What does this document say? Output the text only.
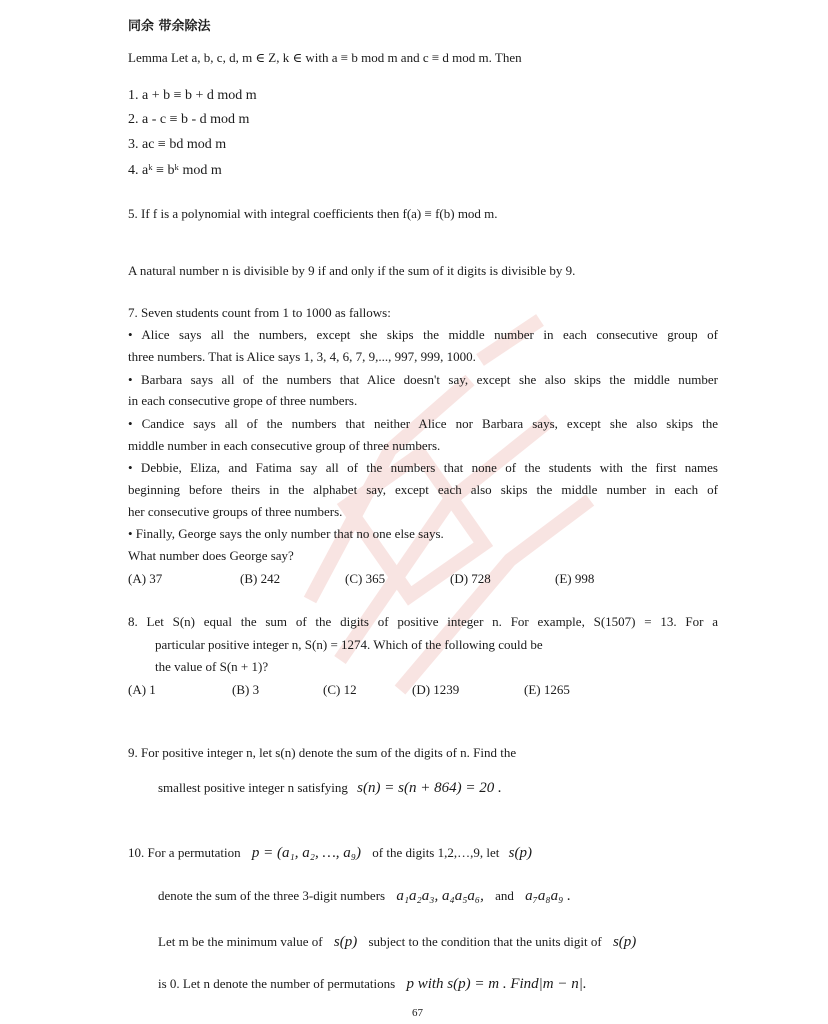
同余 带余除法
Lemma Let a, b, c, d, m ∈ Z, k ∈ with a ≡ b mod m and c ≡ d mod m. Then
1. a + b ≡ b + d mod m
2. a - c ≡ b - d mod m
3. ac ≡ bd mod m
4. aᵏ ≡ bᵏ mod m
5. If f is a polynomial with integral coefficients then f(a) ≡ f(b) mod m.
A natural number n is divisible by 9 if and only if the sum of it digits is divisible by 9.
7. Seven students count from 1 to 1000 as fallows:
• Alice says all the numbers, except she skips the middle number in each consecutive group of
three numbers. That is Alice says 1, 3, 4, 6, 7, 9,..., 997, 999, 1000.
• Barbara says all of the numbers that Alice doesn't say, except she also skips the middle number
in each consecutive grope of three numbers.
• Candice says all of the numbers that neither Alice nor Barbara says, except she also skips the
middle number in each consecutive group of three numbers.
• Debbie, Eliza, and Fatima say all of the numbers that none of the students with the first names
beginning before theirs in the alphabet say, except each also skips the middle number in each of
her consecutive groups of three numbers.
• Finally, George says the only number that no one else says.
What number does George say?
(A) 37	(B) 242	(C) 365	(D) 728	(E) 998
8. Let S(n) equal the sum of the digits of positive integer n. For example, S(1507) = 13. For a
particular positive integer n, S(n) = 1274. Which of the following could be
the value of S(n + 1)?
(A) 1	(B) 3	(C) 12	(D) 1239	(E) 1265
9. For positive integer n, let s(n) denote the sum of the digits of n. Find the
smallest positive integer n satisfying s(n) = s(n + 864) = 20 .
10. For a permutation p = (a₁, a₂, …, a₉) of the digits 1,2,…,9, let s(p)
denote the sum of the three 3-digit numbers a₁a₂a₃, a₄a₅a₆, and a₇a₈a₉ .
Let m be the minimum value of s(p) subject to the condition that the units digit of s(p)
is 0. Let n denote the number of permutations p with s(p) = m . Find|m − n|.
67
